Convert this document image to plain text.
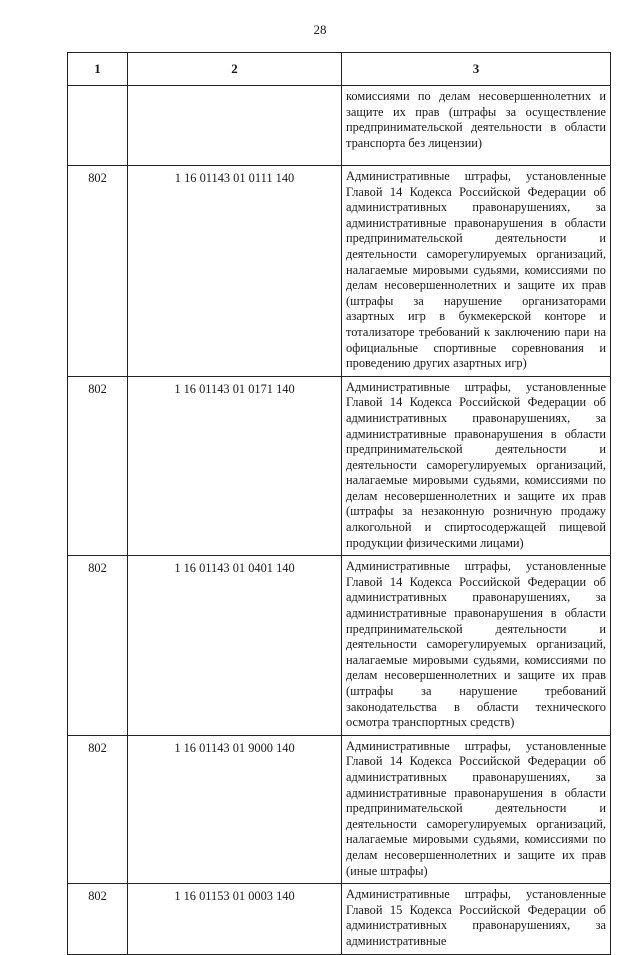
28
1	2	3
		комиссиями по делам несовершеннолетних и защите их прав (штрафы за осуществление предпринимательской деятельности в области транспорта без лицензии)
802	1 16 01143 01 0111 140	Административные штрафы, установленные Главой 14 Кодекса Российской Федерации об административных правонарушениях, за административные правонарушения в области предпринимательской деятельности и деятельности саморегулируемых организаций, налагаемые мировыми судьями, комиссиями по делам несовершеннолетних и защите их прав (штрафы за нарушение организаторами азартных игр в букмекерской конторе и тотализаторе требований к заключению пари на официальные спортивные соревнования и проведению других азартных игр)
802	1 16 01143 01 0171 140	Административные штрафы, установленные Главой 14 Кодекса Российской Федерации об административных правонарушениях, за административные правонарушения в области предпринимательской деятельности и деятельности саморегулируемых организаций, налагаемые мировыми судьями, комиссиями по делам несовершеннолетних и защите их прав (штрафы за незаконную розничную продажу алкогольной и спиртосодержащей пищевой продукции физическими лицами)
802	1 16 01143 01 0401 140	Административные штрафы, установленные Главой 14 Кодекса Российской Федерации об административных правонарушениях, за административные правонарушения в области предпринимательской деятельности и деятельности саморегулируемых организаций, налагаемые мировыми судьями, комиссиями по делам несовершеннолетних и защите их прав (штрафы за нарушение требований законодательства в области технического осмотра транспортных средств)
802	1 16 01143 01 9000 140	Административные штрафы, установленные Главой 14 Кодекса Российской Федерации об административных правонарушениях, за административные правонарушения в области предпринимательской деятельности и деятельности саморегулируемых организаций, налагаемые мировыми судьями, комиссиями по делам несовершеннолетних и защите их прав (иные штрафы)
802	1 16 01153 01 0003 140	Административные штрафы, установленные Главой 15 Кодекса Российской Федерации об административных правонарушениях, за административные
